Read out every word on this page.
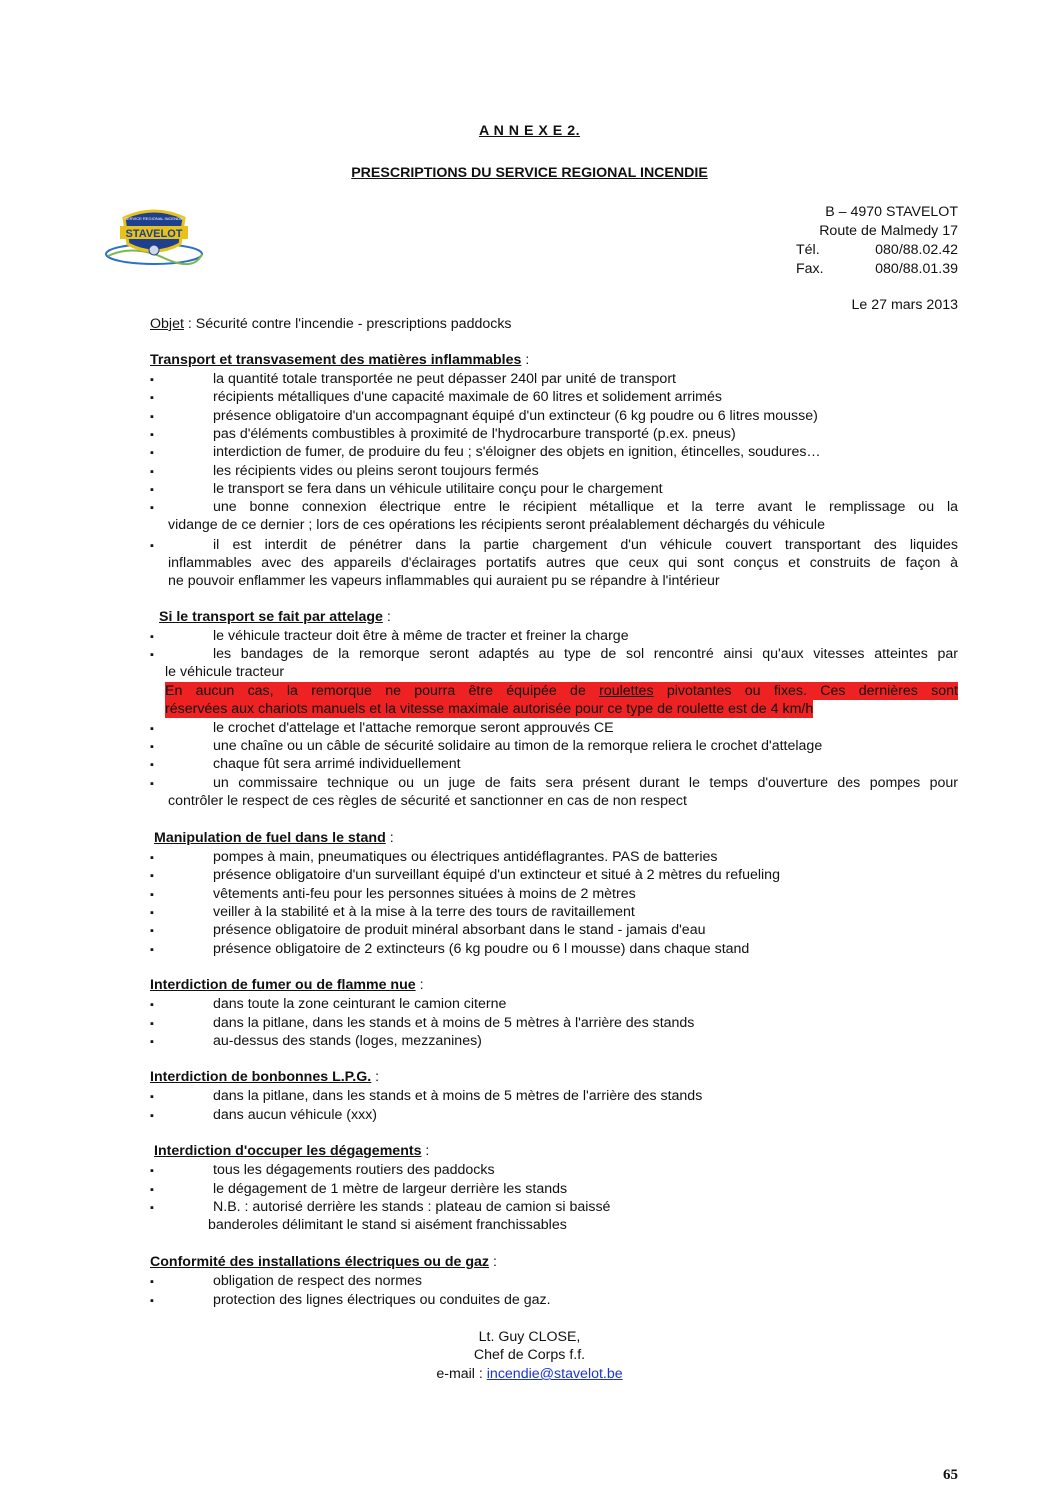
A N N E X E 2.
PRESCRIPTIONS DU SERVICE REGIONAL INCENDIE
STAVELOT
SERVICE REGIONAL INCENDIE	B – 4970 STAVELOT
Route de Malmedy 17
Tél.	080/88.02.42
Fax.	080/88.01.39
Le 27 mars 2013
Objet : Sécurité contre l'incendie - prescriptions paddocks
Transport et transvasement des matières inflammables :
▪	la quantité totale transportée ne peut dépasser 240l par unité de transport
▪	récipients métalliques d'une capacité maximale de 60 litres et solidement arrimés
▪	présence obligatoire d'un accompagnant équipé d'un extincteur (6 kg poudre ou 6 litres mousse)
▪	pas d'éléments combustibles à proximité de l'hydrocarbure transporté (p.ex. pneus)
▪	interdiction de fumer, de produire du feu ; s'éloigner des objets en ignition, étincelles, soudures…
▪	les récipients vides ou pleins seront toujours fermés
▪	le transport se fera dans un véhicule utilitaire conçu pour le chargement
▪	une bonne connexion électrique entre le récipient métallique et la terre avant le remplissage ou la
vidange de ce dernier ; lors de ces opérations les récipients seront préalablement déchargés du véhicule
▪	il est interdit de pénétrer dans la partie chargement d'un véhicule couvert transportant des liquides
inflammables avec des appareils d'éclairages portatifs autres que ceux qui sont conçus et construits de façon à
ne pouvoir enflammer les vapeurs inflammables qui auraient pu se répandre à l'intérieur
Si le transport se fait par attelage :
▪	le véhicule tracteur doit être à même de tracter et freiner la charge
▪	les bandages de la remorque seront adaptés au type de sol rencontré ainsi qu'aux vitesses atteintes par
le véhicule tracteur
En aucun cas, la remorque ne pourra être équipée de roulettes pivotantes ou fixes. Ces dernières sont
réservées aux chariots manuels et la vitesse maximale autorisée pour ce type de roulette est de 4 km/h
▪	le crochet d'attelage et l'attache remorque seront approuvés CE
▪	une chaîne ou un câble de sécurité solidaire au timon de la remorque reliera le crochet d'attelage
▪	chaque fût sera arrimé individuellement
▪	un commissaire technique ou un juge de faits sera présent durant le temps d'ouverture des pompes pour
contrôler le respect de ces règles de sécurité et sanctionner en cas de non respect
Manipulation de fuel dans le stand :
▪	pompes à main, pneumatiques ou électriques antidéflagrantes. PAS de batteries
▪	présence obligatoire d'un surveillant équipé d'un extincteur et situé à 2 mètres du refueling
▪	vêtements anti-feu pour les personnes situées à moins de 2 mètres
▪	veiller à la stabilité et à la mise à la terre des tours de ravitaillement
▪	présence obligatoire de produit minéral absorbant dans le stand - jamais d'eau
▪	présence obligatoire de 2 extincteurs (6 kg poudre ou 6 l mousse) dans chaque stand
Interdiction de fumer ou de flamme nue :
▪	dans toute la zone ceinturant le camion citerne
▪	dans la pitlane, dans les stands et à moins de 5 mètres à l'arrière des stands
▪	au-dessus des stands (loges, mezzanines)
Interdiction de bonbonnes L.P.G. :
▪	dans la pitlane, dans les stands et à moins de 5 mètres de l'arrière des stands
▪	dans aucun véhicule (xxx)
Interdiction d'occuper les dégagements :
▪	tous les dégagements routiers des paddocks
▪	le dégagement de 1 mètre de largeur derrière les stands
▪	N.B. : autorisé derrière les stands : plateau de camion si baissé
banderoles délimitant le stand si aisément franchissables
Conformité des installations électriques ou de gaz :
▪	obligation de respect des normes
▪	protection des lignes électriques ou conduites de gaz.
Lt. Guy CLOSE,
Chef de Corps f.f.
e-mail : incendie@stavelot.be
65
